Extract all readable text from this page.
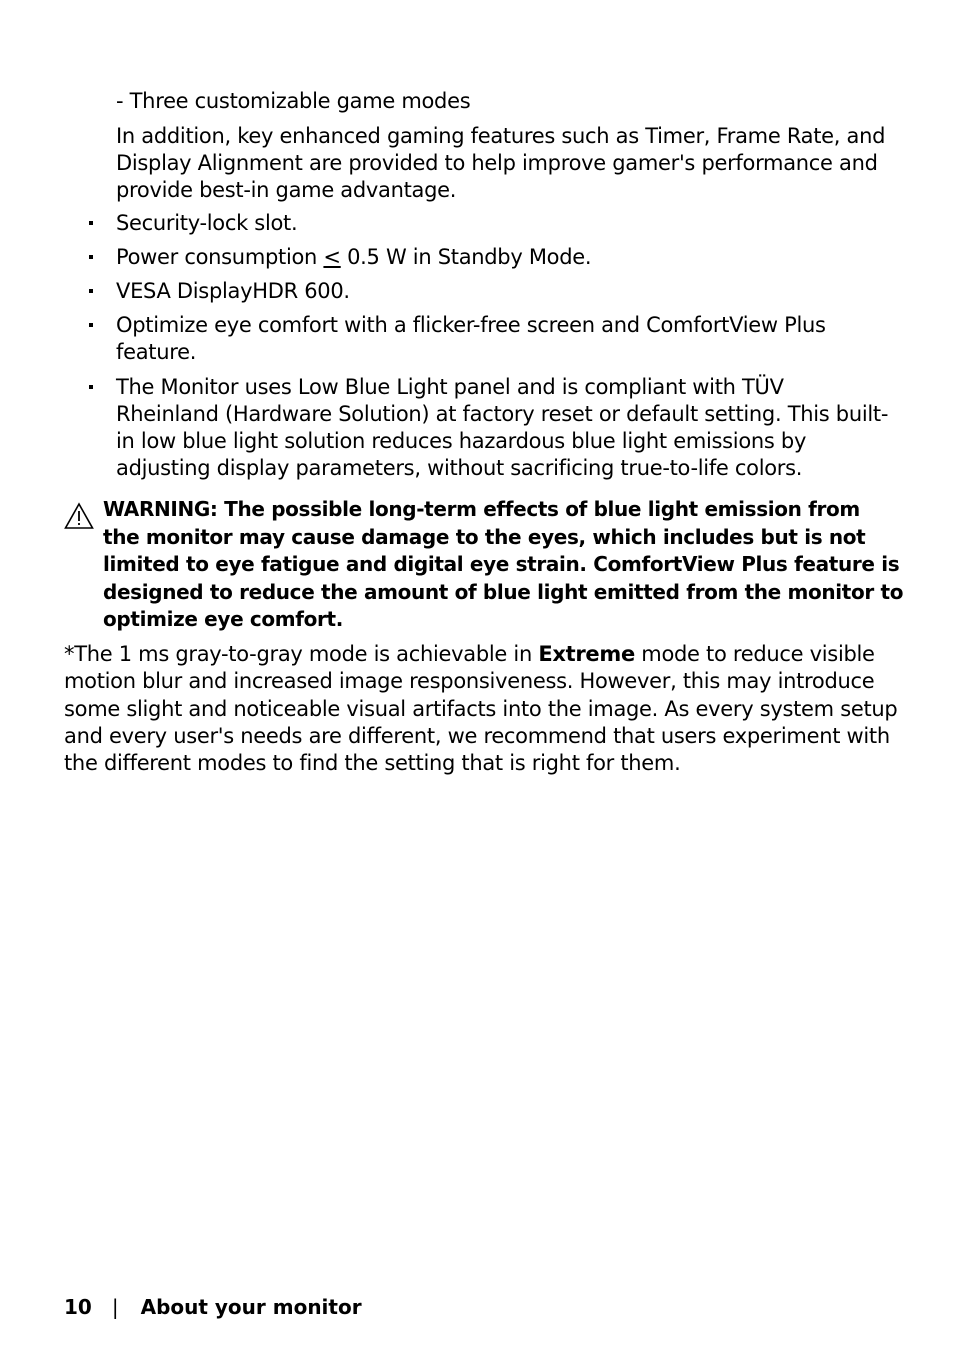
- Three customizable game modes
In addition, key enhanced gaming features such as Timer, Frame Rate, and
Display Alignment are provided to help improve gamer's performance and
provide best-in game advantage.
Security-lock slot.
Power consumption < 0.5 W in Standby Mode.
VESA DisplayHDR 600.
Optimize eye comfort with a flicker-free screen and ComfortView Plus
feature.
The Monitor uses Low Blue Light panel and is compliant with TÜV
Rheinland (Hardware Solution) at factory reset or default setting. This built-
in low blue light solution reduces hazardous blue light emissions by
adjusting display parameters, without sacrificing true-to-life colors.
WARNING: The possible long-term effects of blue light emission from
the monitor may cause damage to the eyes, which includes but is not
limited to eye fatigue and digital eye strain. ComfortView Plus feature is
designed to reduce the amount of blue light emitted from the monitor to
optimize eye comfort.
*The 1 ms gray-to-gray mode is achievable in Extreme mode to reduce visible
motion blur and increased image responsiveness. However, this may introduce
some slight and noticeable visual artifacts into the image. As every system setup
and every user's needs are different, we recommend that users experiment with
the different modes to find the setting that is right for them.
10 | About your monitor
